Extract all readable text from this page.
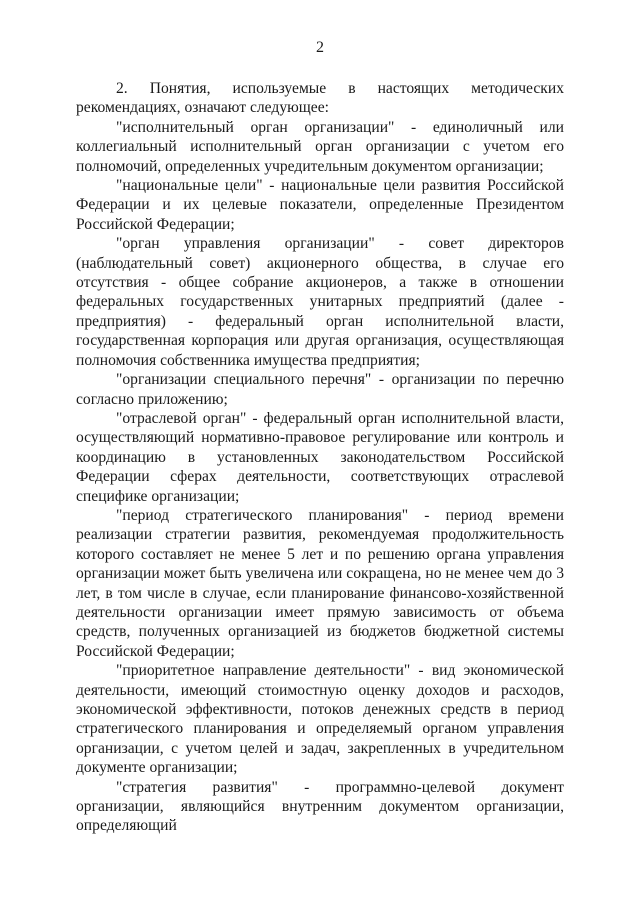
2

2. Понятия, используемые в настоящих методических рекомендациях, означают следующее:

"исполнительный орган организации" - единоличный или коллегиальный исполнительный орган организации с учетом его полномочий, определенных учредительным документом организации;

"национальные цели" - национальные цели развития Российской Федерации и их целевые показатели, определенные Президентом Российской Федерации;

"орган управления организации" - совет директоров (наблюдательный совет) акционерного общества, в случае его отсутствия - общее собрание акционеров, а также в отношении федеральных государственных унитарных предприятий (далее - предприятия) - федеральный орган исполнительной власти, государственная корпорация или другая организация, осуществляющая полномочия собственника имущества предприятия;

"организации специального перечня" - организации по перечню согласно приложению;

"отраслевой орган" - федеральный орган исполнительной власти, осуществляющий нормативно-правовое регулирование или контроль и координацию в установленных законодательством Российской Федерации сферах деятельности, соответствующих отраслевой специфике организации;

"период стратегического планирования" - период времени реализации стратегии развития, рекомендуемая продолжительность которого составляет не менее 5 лет и по решению органа управления организации может быть увеличена или сокращена, но не менее чем до 3 лет, в том числе в случае, если планирование финансово-хозяйственной деятельности организации имеет прямую зависимость от объема средств, полученных организацией из бюджетов бюджетной системы Российской Федерации;

"приоритетное направление деятельности" - вид экономической деятельности, имеющий стоимостную оценку доходов и расходов, экономической эффективности, потоков денежных средств в период стратегического планирования и определяемый органом управления организации, с учетом целей и задач, закрепленных в учредительном документе организации;

"стратегия развития" - программно-целевой документ организации, являющийся внутренним документом организации, определяющий
